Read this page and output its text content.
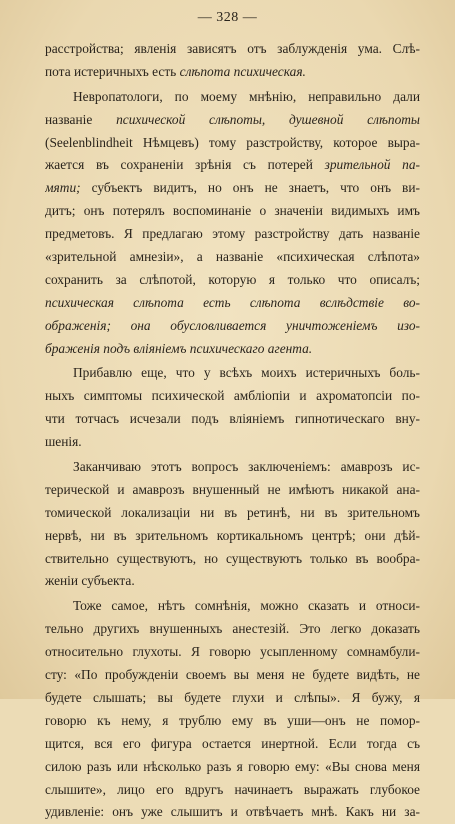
— 328 —
расстройства; явленія зависятъ отъ заблужденія ума. Слѣ-
пота истеричныхъ есть слѣпота психическая.
Невропатологи, по моему мнѣнію, неправильно дали
названіе психической слѣпоты, душевной слѣпоты
(Seelenblindheit Нѣмцевъ) тому разстройству, которое выра-
жается въ сохраненіи зрѣнія съ потерей зрительной па-
мяти; субъектъ видитъ, но онъ не знаетъ, что онъ ви-
дитъ; онъ потерялъ воспоминаніе о значеніи видимыхъ имъ
предметовъ. Я предлагаю этому разстройству дать названіе
«зрительной амнезіи», а названіе «психическая слѣпота»
сохранить за слѣпотой, которую я только что описалъ;
психическая слѣпота есть слѣпота вслѣдствіе во-
ображенія; она обусловливается уничтоженіемъ изо-
браженія подъ вліяніемъ психическаго агента.
Прибавлю еще, что у всѣхъ моихъ истеричныхъ боль-
ныхъ симптомы психической амбліопіи и ахроматопсіи по-
чти тотчасъ исчезали подъ вліяніемъ гипнотическаго вну-
шенія.
Заканчиваю этотъ вопросъ заключеніемъ: амаврозъ ис-
терической и амаврозъ внушенный не имѣютъ никакой ана-
томической локализаціи ни въ ретинѣ, ни въ зрительномъ
нервѣ, ни въ зрительномъ кортикальномъ центрѣ; они дѣй-
ствительно существуютъ, но существуютъ только въ вообра-
женіи субъекта.
Тоже самое, нѣтъ сомнѣнія, можно сказать и относи-
тельно другихъ внушенныхъ анестезій. Это легко доказать
относительно глухоты. Я говорю усыпленному сомнамбули-
сту: «По пробужденіи своемъ вы меня не будете видѣть, не
будете слышать; вы будете глухи и слѣпы». Я бужу, я
говорю къ нему, я трублю ему въ уши—онъ не помор-
щится, вся его фигура остается инертной. Если тогда съ
силою разъ или нѣсколько разъ я говорю ему: «Вы снова меня
слышите», лицо его вдругъ начинаетъ выражать глубокое
удивленіе: онъ уже слышитъ и отвѣчаетъ мнѣ. Какъ ни за-
